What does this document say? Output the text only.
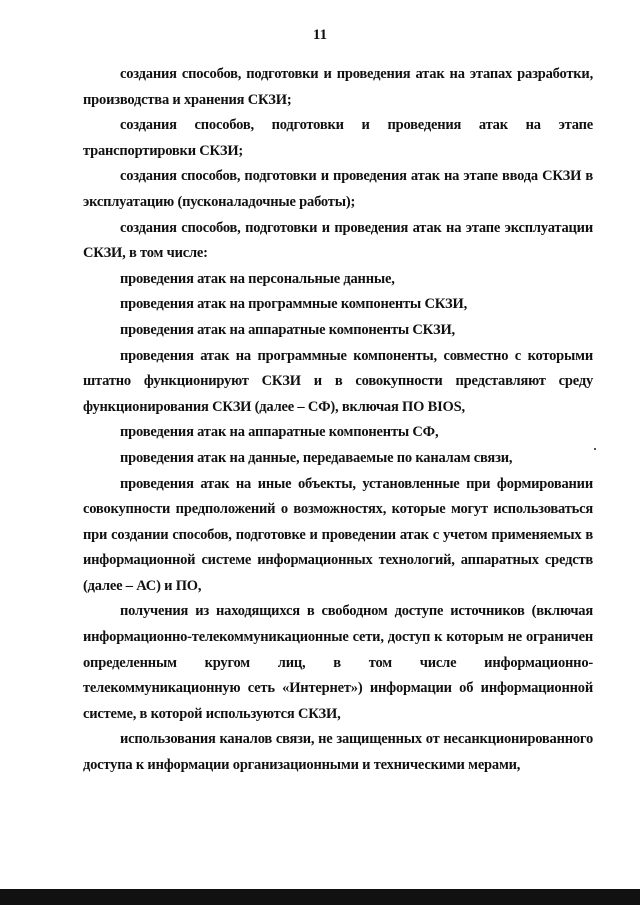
11

создания способов, подготовки и проведения атак на этапах разработки, производства и хранения СКЗИ;

создания способов, подготовки и проведения атак на этапе транспортировки СКЗИ;

создания способов, подготовки и проведения атак на этапе ввода СКЗИ в эксплуатацию (пусконаладочные работы);

создания способов, подготовки и проведения атак на этапе эксплуатации СКЗИ, в том числе:

проведения атак на персональные данные,

проведения атак на программные компоненты СКЗИ,

проведения атак на аппаратные компоненты СКЗИ,

проведения атак на программные компоненты, совместно с которыми штатно функционируют СКЗИ и в совокупности представляют среду функционирования СКЗИ (далее – СФ), включая ПО BIOS,

проведения атак на аппаратные компоненты СФ,

проведения атак на данные, передаваемые по каналам связи,

проведения атак на иные объекты, установленные при формировании совокупности предположений о возможностях, которые могут использоваться при создании способов, подготовке и проведении атак с учетом применяемых в информационной системе информационных технологий, аппаратных средств (далее – АС) и ПО,

получения из находящихся в свободном доступе источников (включая информационно-телекоммуникационные сети, доступ к которым не ограничен определенным кругом лиц, в том числе информационно-телекоммуникационную сеть «Интернет») информации об информационной системе, в которой используются СКЗИ,

использования каналов связи, не защищенных от несанкционированного доступа к информации организационными и техническими мерами,
